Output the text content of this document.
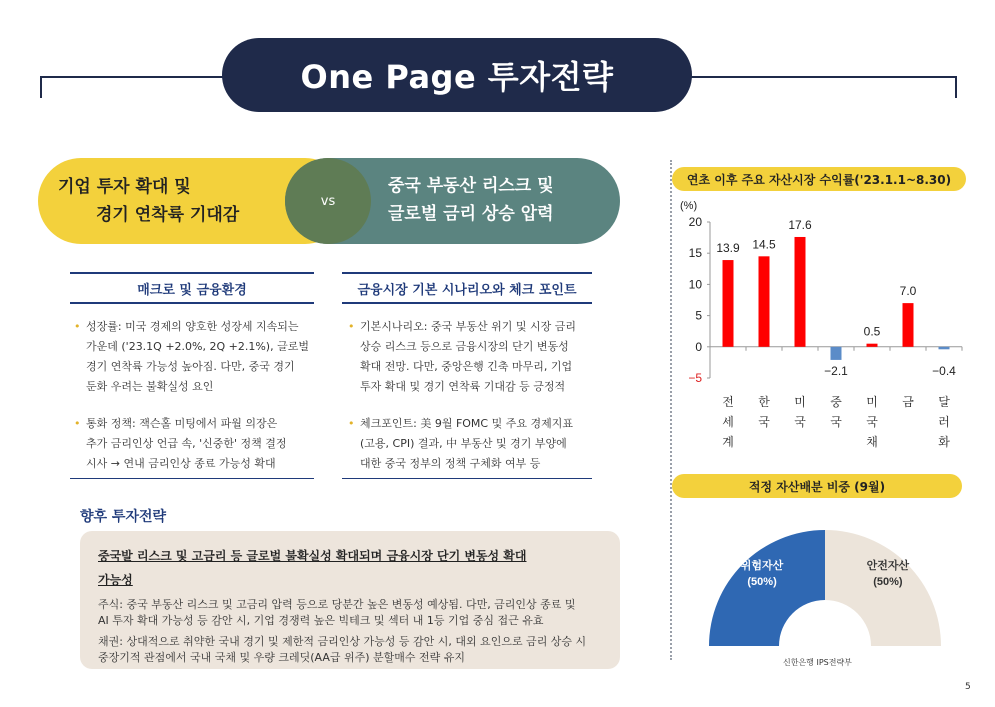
One Page 투자전략
vs
기업 투자 확대 및
경기 연착륙 기대감
중국 부동산 리스크 및
글로벌 금리 상승 압력
매크로 및 금융환경
• 성장률: 미국 경제의 양호한 성장세 지속되는
가운데 ('23.1Q +2.0%, 2Q +2.1%), 글로벌
경기 연착륙 가능성 높아짐. 다만, 중국 경기
둔화 우려는 불확실성 요인
• 통화 정책: 잭슨홀 미팅에서 파월 의장은
추가 금리인상 언급 속, '신중한' 정책 결정
시사 → 연내 금리인상 종료 가능성 확대
금융시장 기본 시나리오와 체크 포인트
• 기본시나리오: 중국 부동산 위기 및 시장 금리
상승 리스크 등으로 금융시장의 단기 변동성
확대 전망. 다만, 중앙은행 긴축 마무리, 기업
투자 확대 및 경기 연착륙 기대감 등 긍정적
• 체크포인트: 美 9월 FOMC 및 주요 경제지표
(고용, CPI) 결과, 中 부동산 및 경기 부양에
대한 중국 정부의 정책 구체화 여부 등
향후 투자전략
중국발 리스크 및 고금리 등 글로벌 불확실성 확대되며 금융시장 단기 변동성 확대
가능성
주식: 중국 부동산 리스크 및 고금리 압력 등으로 당분간 높은 변동성 예상됨. 다만, 금리인상 종료 및
AI 투자 확대 가능성 등 감안 시, 기업 경쟁력 높은 빅테크 및 섹터 내 1등 기업 중심 접근 유효
채권: 상대적으로 취약한 국내 경기 및 제한적 금리인상 가능성 등 감안 시, 대외 요인으로 금리 상승 시
중장기적 관점에서 국내 국채 및 우량 크레딧(AA급 위주) 분할매수 전략 유지
연초 이후 주요 자산시장 수익률('23.1.1~8.30)
(%)
−5
0
5
10
15
20
13.9
전
세
계
14.5
한
국
17.6
미
국
−2.1
중
국
0.5
미
국
채
7.0
금
−0.4
달
러
화
적정 자산배분 비중 (9월)
위험자산
(50%)
안전자산
(50%)
신한은행 IPS전략부
5
